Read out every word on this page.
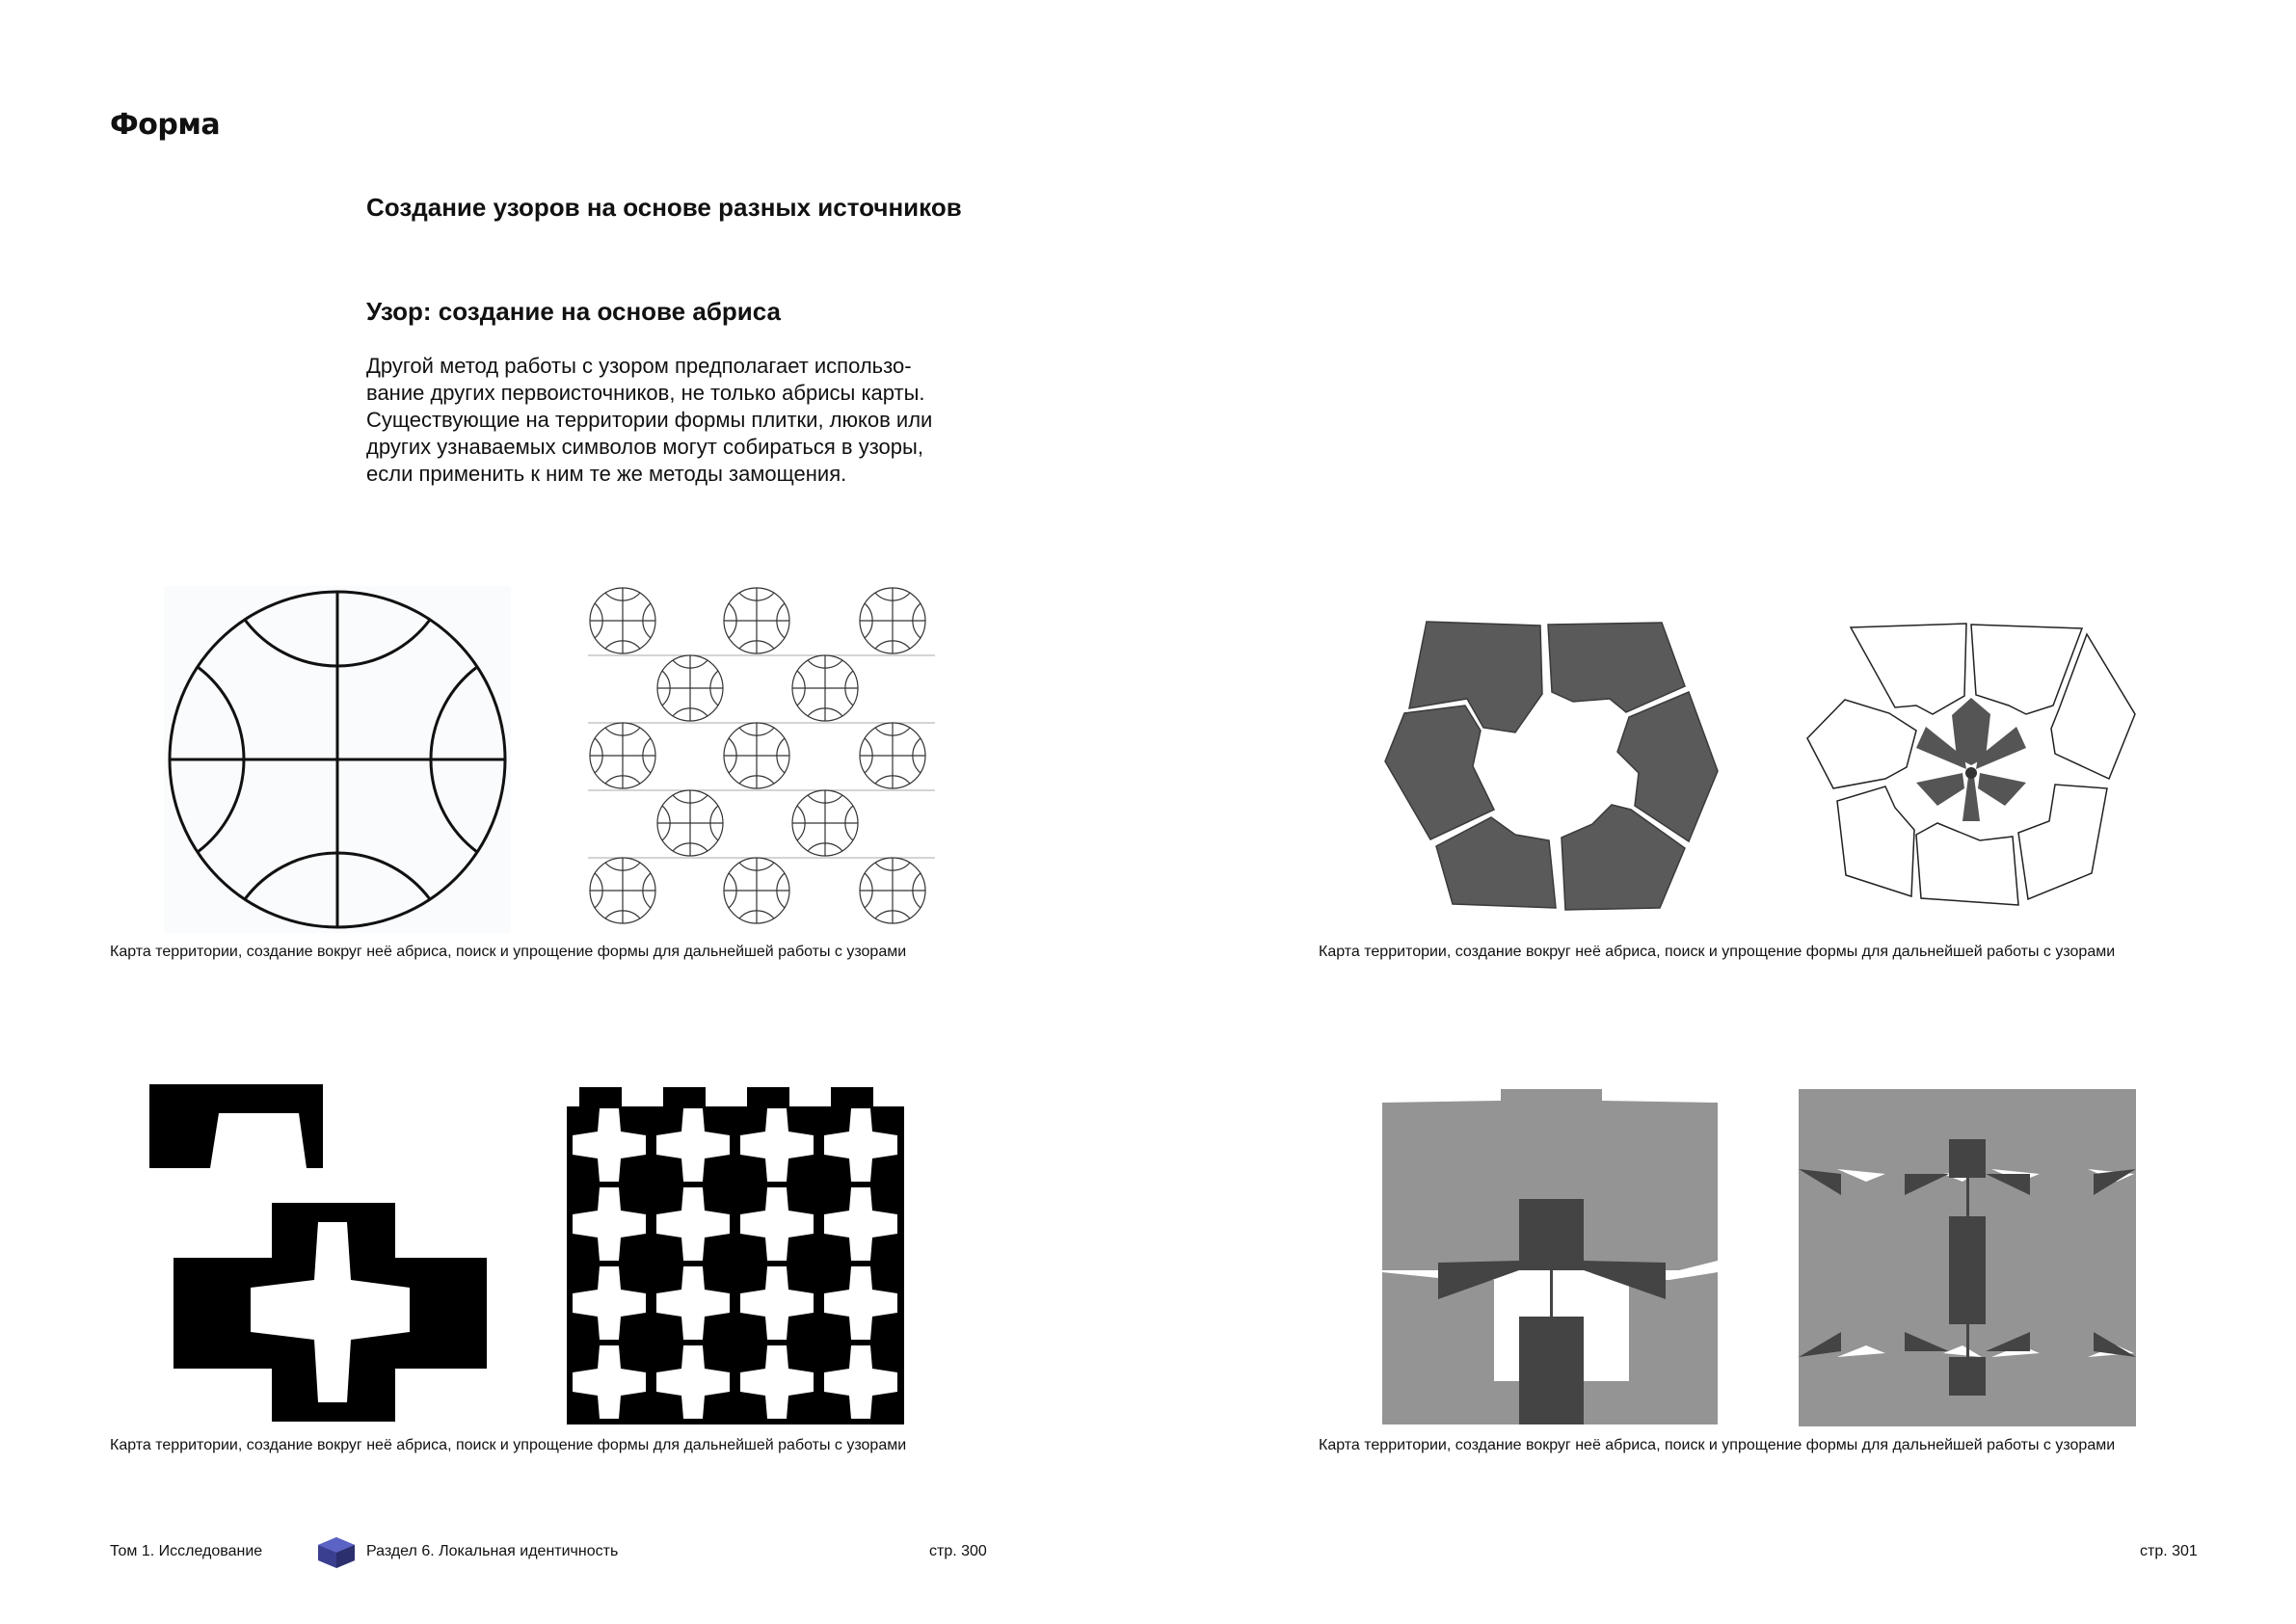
Форма
Создание узоров на основе разных источников
Узор: создание на основе абриса
Другой метод работы с узором предполагает использо-
вание других первоисточников, не только абрисы карты.
Существующие на территории формы плитки, люков или
других узнаваемых символов могут собираться в узоры,
если применить к ним те же методы замощения.
Карта территории, создание вокруг неё абриса, поиск и упрощение формы для дальнейшей работы с узорами	Карта территории, создание вокруг неё абриса, поиск и упрощение формы для дальнейшей работы с узорами
Карта территории, создание вокруг неё абриса, поиск и упрощение формы для дальнейшей работы с узорами	Карта территории, создание вокруг неё абриса, поиск и упрощение формы для дальнейшей работы с узорами
Том 1. Исследование	Раздел 6. Локальная идентичность	стр. 300	стр. 301
